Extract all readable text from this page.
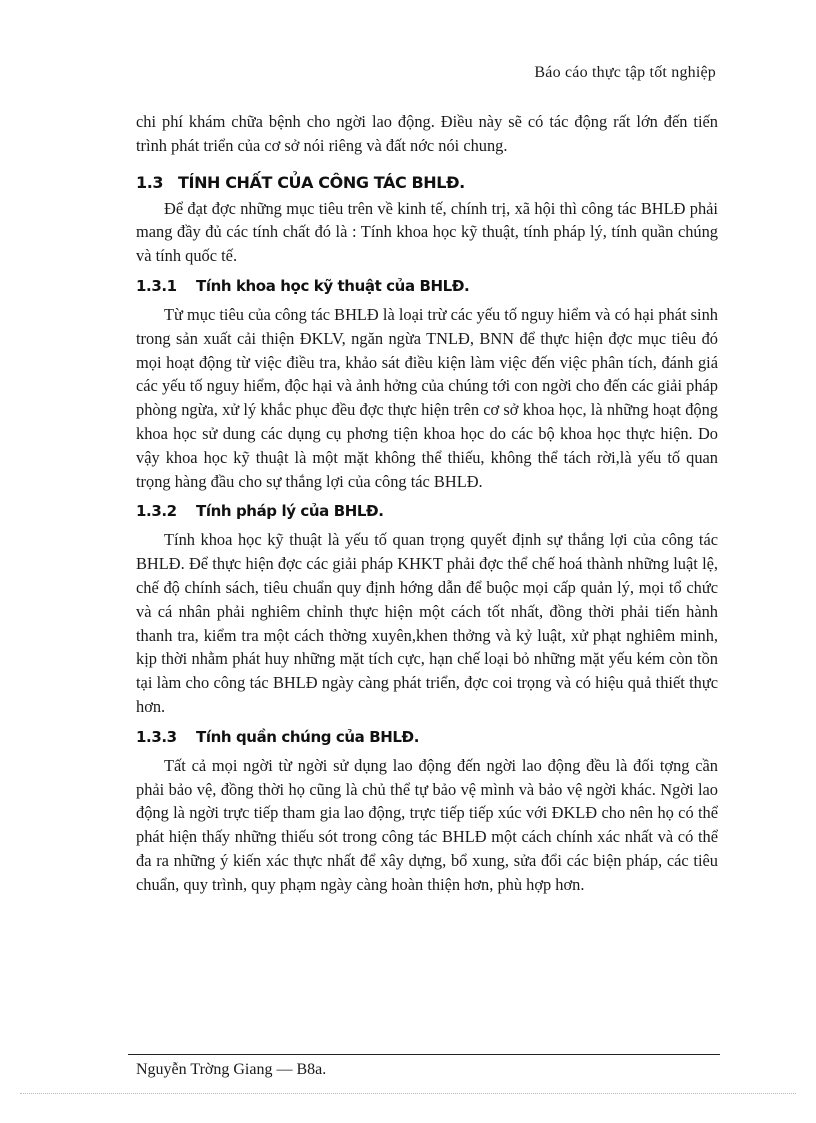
Báo cáo thực tập tốt nghiệp

chi phí khám chữa bệnh cho ngời lao động. Điều này sẽ có tác động rất lớn đến tiến trình phát triển của cơ sở nói riêng và đất nớc nói chung.

1.3 TÍNH CHẤT CỦA CÔNG TÁC BHLĐ.

Để đạt đợc những mục tiêu trên về kinh tế, chính trị, xã hội thì công tác BHLĐ phải mang đầy đủ các tính chất đó là : Tính khoa học kỹ thuật, tính pháp lý, tính quần chúng và tính quốc tế.

1.3.1 Tính khoa học kỹ thuật của BHLĐ.

Từ mục tiêu của công tác BHLĐ là loại trừ các yếu tố nguy hiểm và có hại phát sinh trong sản xuất cải thiện ĐKLV, ngăn ngừa TNLĐ, BNN để thực hiện đợc mục tiêu đó mọi hoạt động từ việc điều tra, khảo sát điều kiện làm việc đến việc phân tích, đánh giá các yếu tố nguy hiểm, độc hại và ảnh hởng của chúng tới con ngời cho đến các giải pháp phòng ngừa, xử lý khắc phục đều đợc thực hiện trên cơ sở khoa học, là những hoạt động khoa học sử dung các dụng cụ phơng tiện khoa học do các bộ khoa học thực hiện. Do vậy khoa học kỹ thuật là một mặt không thể thiếu, không thể tách rời,là yếu tố quan trọng hàng đầu cho sự thắng lợi của công tác BHLĐ.

1.3.2 Tính pháp lý của BHLĐ.

Tính khoa học kỹ thuật là yếu tố quan trọng quyết định sự thắng lợi của công tác BHLĐ. Để thực hiện đợc các giải pháp KHKT phải đợc thể chế hoá thành những luật lệ, chế độ chính sách, tiêu chuẩn quy định hớng dẫn để buộc mọi cấp quản lý, mọi tổ chức và cá nhân phải nghiêm chỉnh thực hiện một cách tốt nhất, đồng thời phải tiến hành thanh tra, kiểm tra một cách thờng xuyên,khen thởng và kỷ luật, xử phạt nghiêm minh, kịp thời nhằm phát huy những mặt tích cực, hạn chế loại bỏ những mặt yếu kém còn tồn tại làm cho công tác BHLĐ ngày càng phát triển, đợc coi trọng và có hiệu quả thiết thực hơn.

1.3.3 Tính quần chúng của BHLĐ.

Tất cả mọi ngời từ ngời sử dụng lao động đến ngời lao động đều là đối tợng cần phải bảo vệ, đồng thời họ cũng là chủ thể tự bảo vệ mình và bảo vệ ngời khác. Ngời lao động là ngời trực tiếp tham gia lao động, trực tiếp tiếp xúc với ĐKLĐ cho nên họ có thể phát hiện thấy những thiếu sót trong công tác BHLĐ một cách chính xác nhất và có thể đa ra những ý kiến xác thực nhất để xây dựng, bổ xung, sửa đổi các biện pháp, các tiêu chuẩn, quy trình, quy phạm ngày càng hoàn thiện hơn, phù hợp hơn.

Nguyễn Trờng Giang — B8a.
